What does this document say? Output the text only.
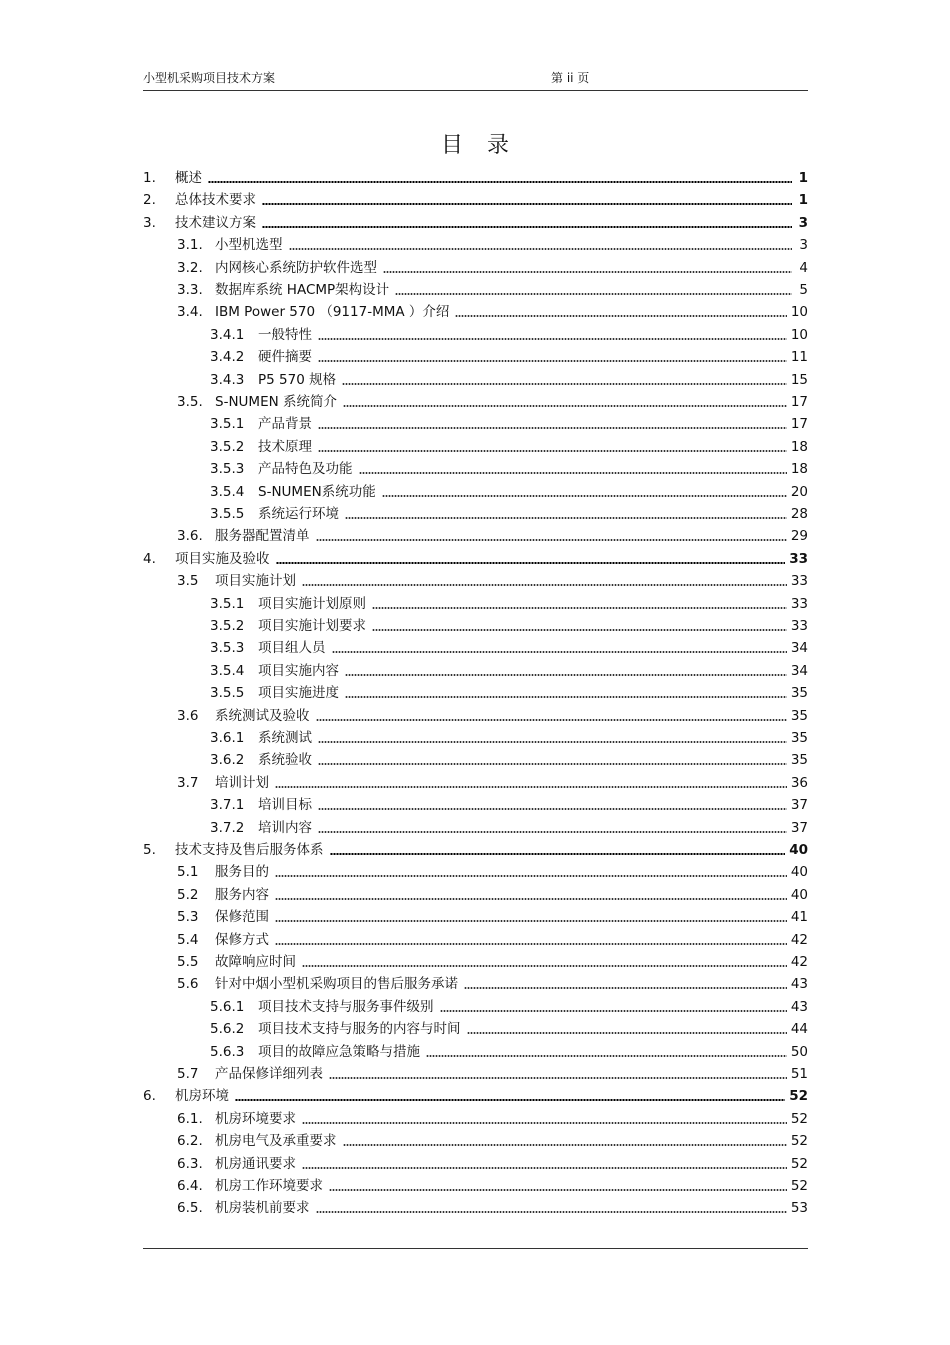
小型机采购项目技术方案	第 ii 页
目录
1. 概述	1
2. 总体技术要求	1
3. 技术建议方案	3
3.1. 小型机选型	3
3.2. 内网核心系统防护软件选型	4
3.3. 数据库系统 HACMP架构设计	5
3.4. IBM Power 570 （9117-MMA ）介绍	10
3.4.1 一般特性	10
3.4.2 硬件摘要	11
3.4.3 P5 570 规格	15
3.5. S-NUMEN 系统简介	17
3.5.1 产品背景	17
3.5.2 技术原理	18
3.5.3 产品特色及功能	18
3.5.4 S-NUMEN系统功能	20
3.5.5 系统运行环境	28
3.6. 服务器配置清单	29
4. 项目实施及验收	33
3.5 项目实施计划	33
3.5.1 项目实施计划原则	33
3.5.2 项目实施计划要求	33
3.5.3 项目组人员	34
3.5.4 项目实施内容	34
3.5.5 项目实施进度	35
3.6 系统测试及验收	35
3.6.1 系统测试	35
3.6.2 系统验收	35
3.7 培训计划	36
3.7.1 培训目标	37
3.7.2 培训内容	37
5. 技术支持及售后服务体系	40
5.1 服务目的	40
5.2 服务内容	40
5.3 保修范围	41
5.4 保修方式	42
5.5 故障响应时间	42
5.6 针对中烟小型机采购项目的售后服务承诺	43
5.6.1 项目技术支持与服务事件级别	43
5.6.2 项目技术支持与服务的内容与时间	44
5.6.3 项目的故障应急策略与措施	50
5.7 产品保修详细列表	51
6. 机房环境	52
6.1. 机房环境要求	52
6.2. 机房电气及承重要求	52
6.3. 机房通讯要求	52
6.4. 机房工作环境要求	52
6.5. 机房装机前要求	53
